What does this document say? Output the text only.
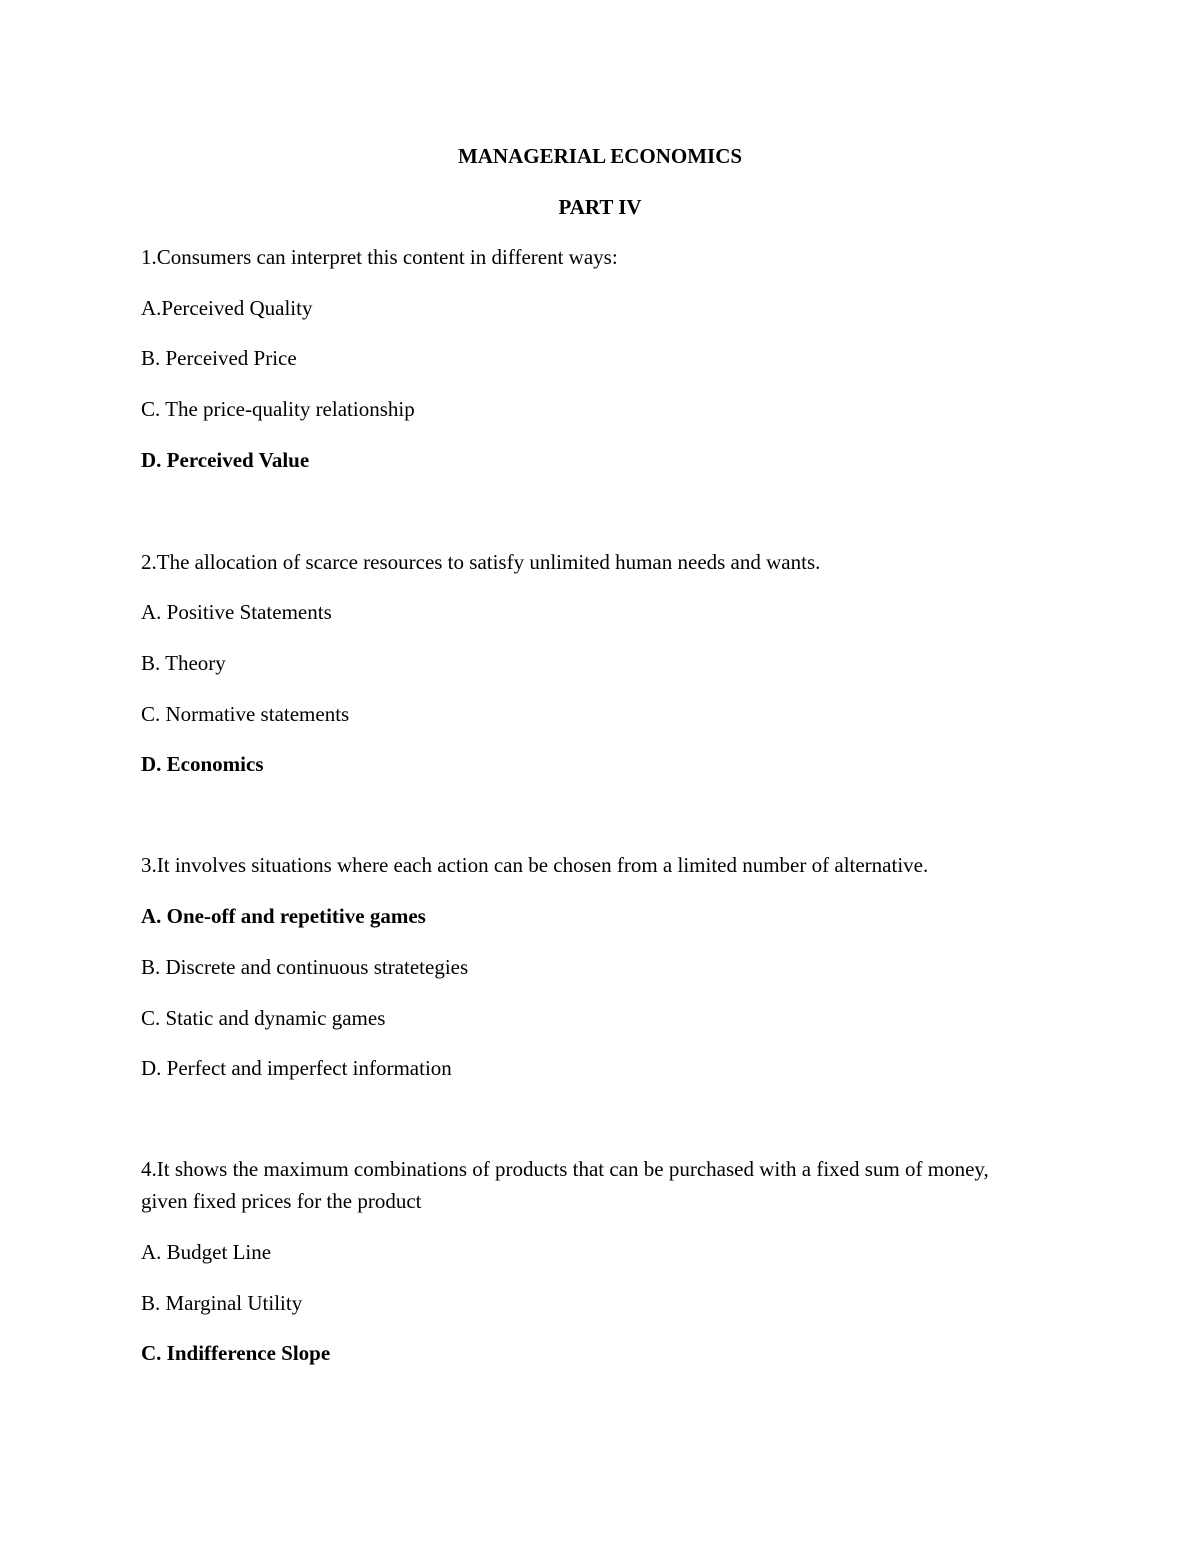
MANAGERIAL ECONOMICS
PART IV
1.Consumers can interpret this content in different ways:
A.Perceived Quality
B. Perceived Price
C. The price-quality relationship
D. Perceived Value
2.The allocation of scarce resources to satisfy unlimited human needs and wants.
A. Positive Statements
B. Theory
C. Normative statements
D. Economics
3.It involves situations where each action can be chosen from a limited number of alternative.
A. One-off and repetitive games
B. Discrete and continuous stratetegies
C. Static and dynamic games
D. Perfect and imperfect information
4.It shows the maximum combinations of products that can be purchased with a fixed sum of money, given fixed prices for the product
A. Budget Line
B. Marginal Utility
C. Indifference Slope
